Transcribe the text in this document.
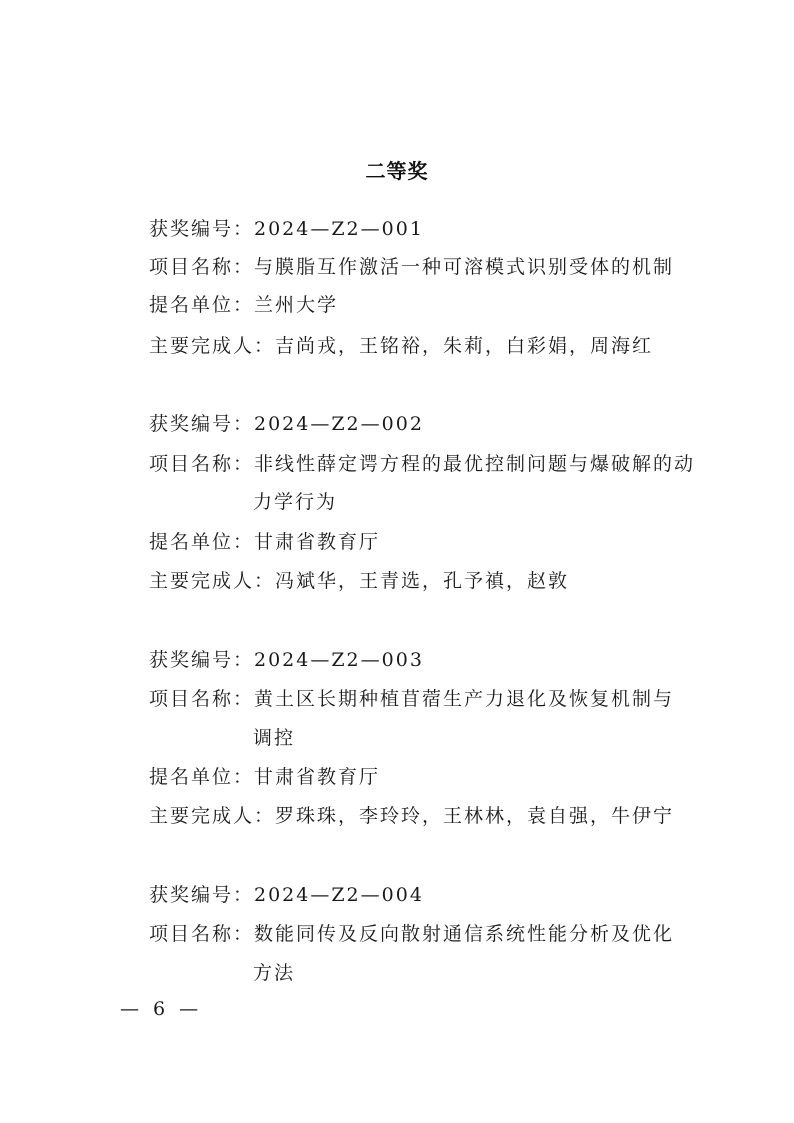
二等奖
获奖编号：2024—Z2—001
项目名称：与膜脂互作激活一种可溶模式识别受体的机制
提名单位：兰州大学
主要完成人：吉尚戎，王铭裕，朱莉，白彩娟，周海红
获奖编号：2024—Z2—002
项目名称：非线性薛定谔方程的最优控制问题与爆破解的动
力学行为
提名单位：甘肃省教育厅
主要完成人：冯斌华，王青选，孔予禛，赵敦
获奖编号：2024—Z2—003
项目名称：黄土区长期种植苜蓿生产力退化及恢复机制与
调控
提名单位：甘肃省教育厅
主要完成人：罗珠珠，李玲玲，王林林，袁自强，牛伊宁
获奖编号：2024—Z2—004
项目名称：数能同传及反向散射通信系统性能分析及优化
方法
— 6 —
